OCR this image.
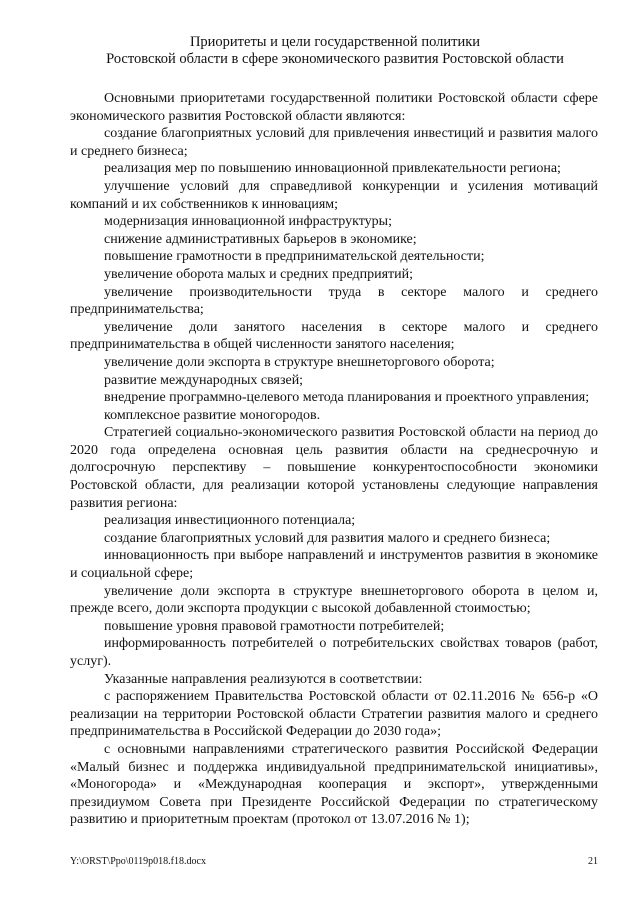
Приоритеты и цели государственной политики
Ростовской области в сфере экономического развития Ростовской области

Основными приоритетами государственной политики Ростовской области сфере экономического развития Ростовской области являются:

создание благоприятных условий для привлечения инвестиций и развития малого и среднего бизнеса;

реализация мер по повышению инновационной привлекательности региона;

улучшение условий для справедливой конкуренции и усиления мотиваций компаний и их собственников к инновациям;

модернизация инновационной инфраструктуры;

снижение административных барьеров в экономике;

повышение грамотности в предпринимательской деятельности;

увеличение оборота малых и средних предприятий;

увеличение производительности труда в секторе малого и среднего предпринимательства;

увеличение доли занятого населения в секторе малого и среднего предпринимательства в общей численности занятого населения;

увеличение доли экспорта в структуре внешнеторгового оборота;

развитие международных связей;

внедрение программно-целевого метода планирования и проектного управления;

комплексное развитие моногородов.

Стратегией социально-экономического развития Ростовской области на период до 2020 года определена основная цель развития области на среднесрочную и долгосрочную перспективу – повышение конкурентоспособности экономики Ростовской области, для реализации которой установлены следующие направления развития региона:

реализация инвестиционного потенциала;

создание благоприятных условий для развития малого и среднего бизнеса;

инновационность при выборе направлений и инструментов развития в экономике и социальной сфере;

увеличение доли экспорта в структуре внешнеторгового оборота в целом и, прежде всего, доли экспорта продукции с высокой добавленной стоимостью;

повышение уровня правовой грамотности потребителей;

информированность потребителей о потребительских свойствах товаров (работ, услуг).

Указанные направления реализуются в соответствии:

с распоряжением Правительства Ростовской области от 02.11.2016 № 656-р «О реализации на территории Ростовской области Стратегии развития малого и среднего предпринимательства в Российской Федерации до 2030 года»;

с основными направлениями стратегического развития Российской Федерации «Малый бизнес и поддержка индивидуальной предпринимательской инициативы», «Моногорода» и «Международная кооперация и экспорт», утвержденными президиумом Совета при Президенте Российской Федерации по стратегическому развитию и приоритетным проектам (протокол от 13.07.2016 № 1);

Y:\ORST\Ppo\0119p018.f18.docx	21
